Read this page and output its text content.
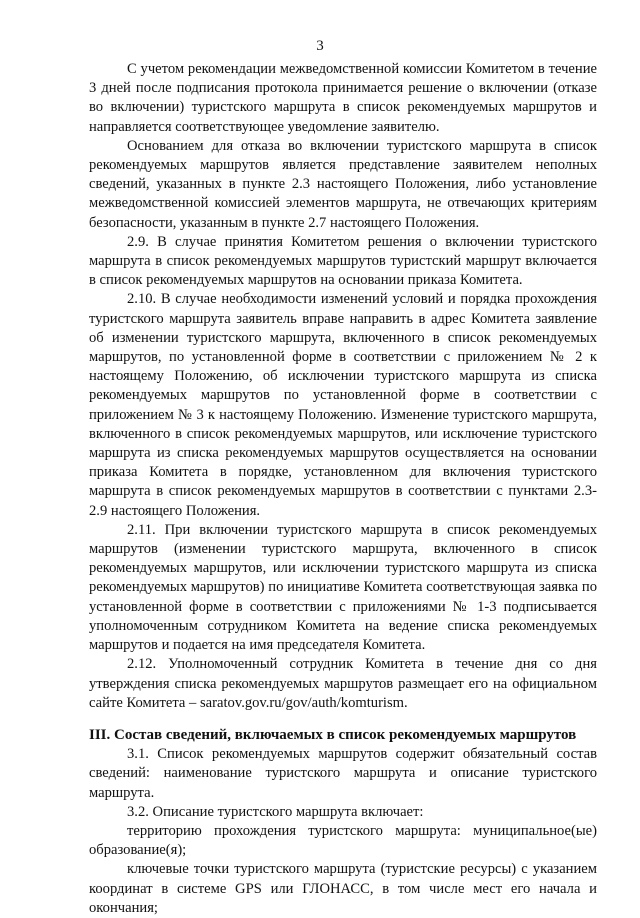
3

С учетом рекомендации межведомственной комиссии Комитетом в течение 3 дней после подписания протокола принимается решение о включении (отказе во включении) туристского маршрута в список рекомендуемых маршрутов и направляется соответствующее уведомление заявителю.

Основанием для отказа во включении туристского маршрута в список рекомендуемых маршрутов является представление заявителем неполных сведений, указанных в пункте 2.3 настоящего Положения, либо установление межведомственной комиссией элементов маршрута, не отвечающих критериям безопасности, указанным в пункте 2.7 настоящего Положения.

2.9. В случае принятия Комитетом решения о включении туристского маршрута в список рекомендуемых маршрутов туристский маршрут включается в список рекомендуемых маршрутов на основании приказа Комитета.

2.10. В случае необходимости изменений условий и порядка прохождения туристского маршрута заявитель вправе направить в адрес Комитета заявление об изменении туристского маршрута, включенного в список рекомендуемых маршрутов, по установленной форме в соответствии с приложением № 2 к настоящему Положению, об исключении туристского маршрута из списка рекомендуемых маршрутов по установленной форме в соответствии с приложением № 3 к настоящему Положению. Изменение туристского маршрута, включенного в список рекомендуемых маршрутов, или исключение туристского маршрута из списка рекомендуемых маршрутов осуществляется на основании приказа Комитета в порядке, установленном для включения туристского маршрута в список рекомендуемых маршрутов в соответствии с пунктами 2.3-2.9 настоящего Положения.

2.11. При включении туристского маршрута в список рекомендуемых маршрутов (изменении туристского маршрута, включенного в список рекомендуемых маршрутов, или исключении туристского маршрута из списка рекомендуемых маршрутов) по инициативе Комитета соответствующая заявка по установленной форме в соответствии с приложениями № 1-3 подписывается уполномоченным сотрудником Комитета на ведение списка рекомендуемых маршрутов и подается на имя председателя Комитета.

2.12. Уполномоченный сотрудник Комитета в течение дня со дня утверждения списка рекомендуемых маршрутов размещает его на официальном сайте Комитета – saratov.gov.ru/gov/auth/komturism.

III. Состав сведений, включаемых в список рекомендуемых маршрутов

3.1. Список рекомендуемых маршрутов содержит обязательный состав сведений: наименование туристского маршрута и описание туристского маршрута.

3.2. Описание туристского маршрута включает:

территорию прохождения туристского маршрута: муниципальное(ые) образование(я);

ключевые точки туристского маршрута (туристские ресурсы) с указанием координат в системе GPS или ГЛОНАСС, в том числе мест его начала и окончания;
